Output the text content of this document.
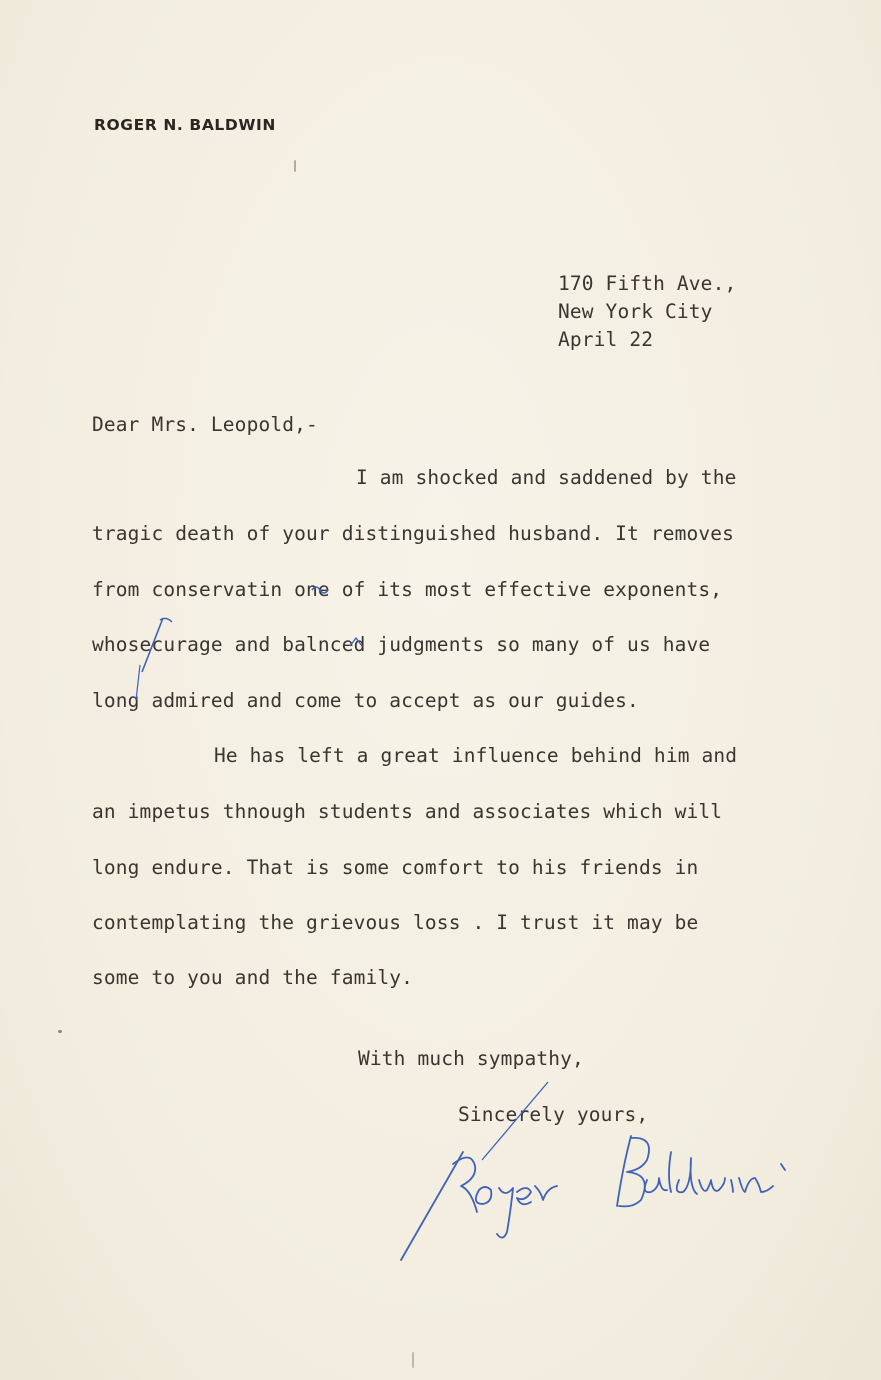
ROGER N. BALDWIN
170 Fifth Ave.,
New York City
April 22
Dear Mrs. Leopold,-
I am shocked and saddened by the
tragic death of your distinguished husband. It removes
from conservatin one of its most effective exponents,
whosecurage and balnced judgments so many of us have
long admired and come to accept as our guides.
He has left a great influence behind him and
an impetus thnough students and associates which will
long endure. That is some comfort to his friends in
contemplating the grievous loss . I trust it may be
some to you and the family.
With much sympathy,
Sincerely yours,
